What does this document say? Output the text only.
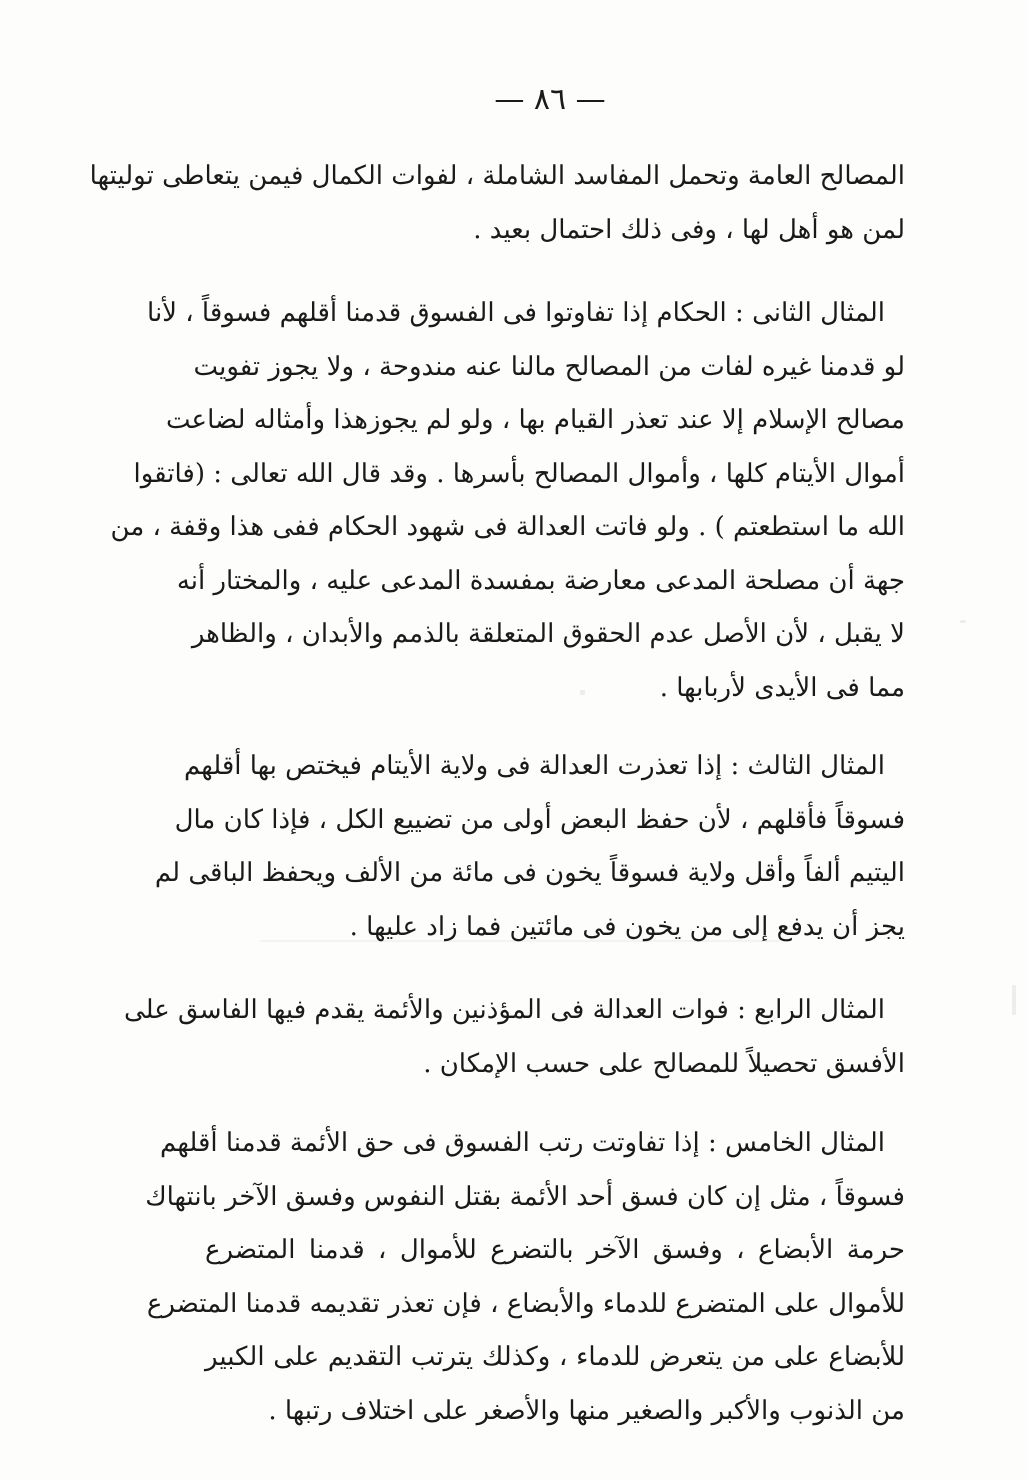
— ٨٦ —

المصالح العامة وتحمل المفاسد الشاملة ، لفوات الكمال فيمن يتعاطى توليتها
لمن هو أهل لها ، وفى ذلك احتمال بعيد .

المثال الثانى : الحكام إذا تفاوتوا فى الفسوق قدمنا أقلهم فسوقاً ، لأنا
لو قدمنا غيره لفات من المصالح مالنا عنه مندوحة ، ولا يجوز تفويت
مصالح الإسلام إلا عند تعذر القيام بها ، ولو لم يجوزهذا وأمثاله لضاعت
أموال الأيتام كلها ، وأموال المصالح بأسرها . وقد قال الله تعالى : (فاتقوا
الله ما استطعتم ) . ولو فاتت العدالة فى شهود الحكام ففى هذا وقفة ، من
جهة أن مصلحة المدعى معارضة بمفسدة المدعى عليه ، والمختار أنه
لا يقبل ، لأن الأصل عدم الحقوق المتعلقة بالذمم والأبدان ، والظاهر
مما فى الأيدى لأربابها .

المثال الثالث : إذا تعذرت العدالة فى ولاية الأيتام فيختص بها أقلهم
فسوقاً فأقلهم ، لأن حفظ البعض أولى من تضييع الكل ، فإذا كان مال
اليتيم ألفاً وأقل ولاية فسوقاً يخون فى مائة من الألف ويحفظ الباقى لم
يجز أن يدفع إلى من يخون فى مائتين فما زاد عليها .

المثال الرابع : فوات العدالة فى المؤذنين والأئمة يقدم فيها الفاسق على
الأفسق تحصيلاً للمصالح على حسب الإمكان .

المثال الخامس : إذا تفاوتت رتب الفسوق فى حق الأئمة قدمنا أقلهم
فسوقاً ، مثل إن كان فسق أحد الأئمة بقتل النفوس وفسق الآخر بانتهاك
حرمة الأبضاع ، وفسق الآخر بالتضرع للأموال ، قدمنا المتضرع
للأموال على المتضرع للدماء والأبضاع ، فإن تعذر تقديمه قدمنا المتضرع
للأبضاع على من يتعرض للدماء ، وكذلك يترتب التقديم على الكبير
من الذنوب والأكبر والصغير منها والأصغر على اختلاف رتبها .
